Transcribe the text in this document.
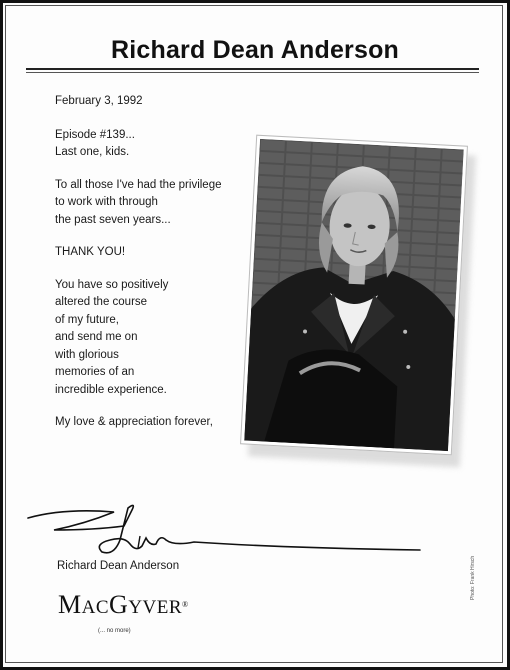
Richard Dean Anderson

February 3, 1992

Episode #139...

Last one, kids.

To all those I've had the privilege

to work with through

the past seven years...

THANK YOU!

You have so positively

altered the course

of my future,

and send me on

with glorious

memories of an

incredible experience.

My love & appreciation forever,

Richard Dean Anderson
MACGYVER®
(... no more)
Photo: Frank Hirsch
